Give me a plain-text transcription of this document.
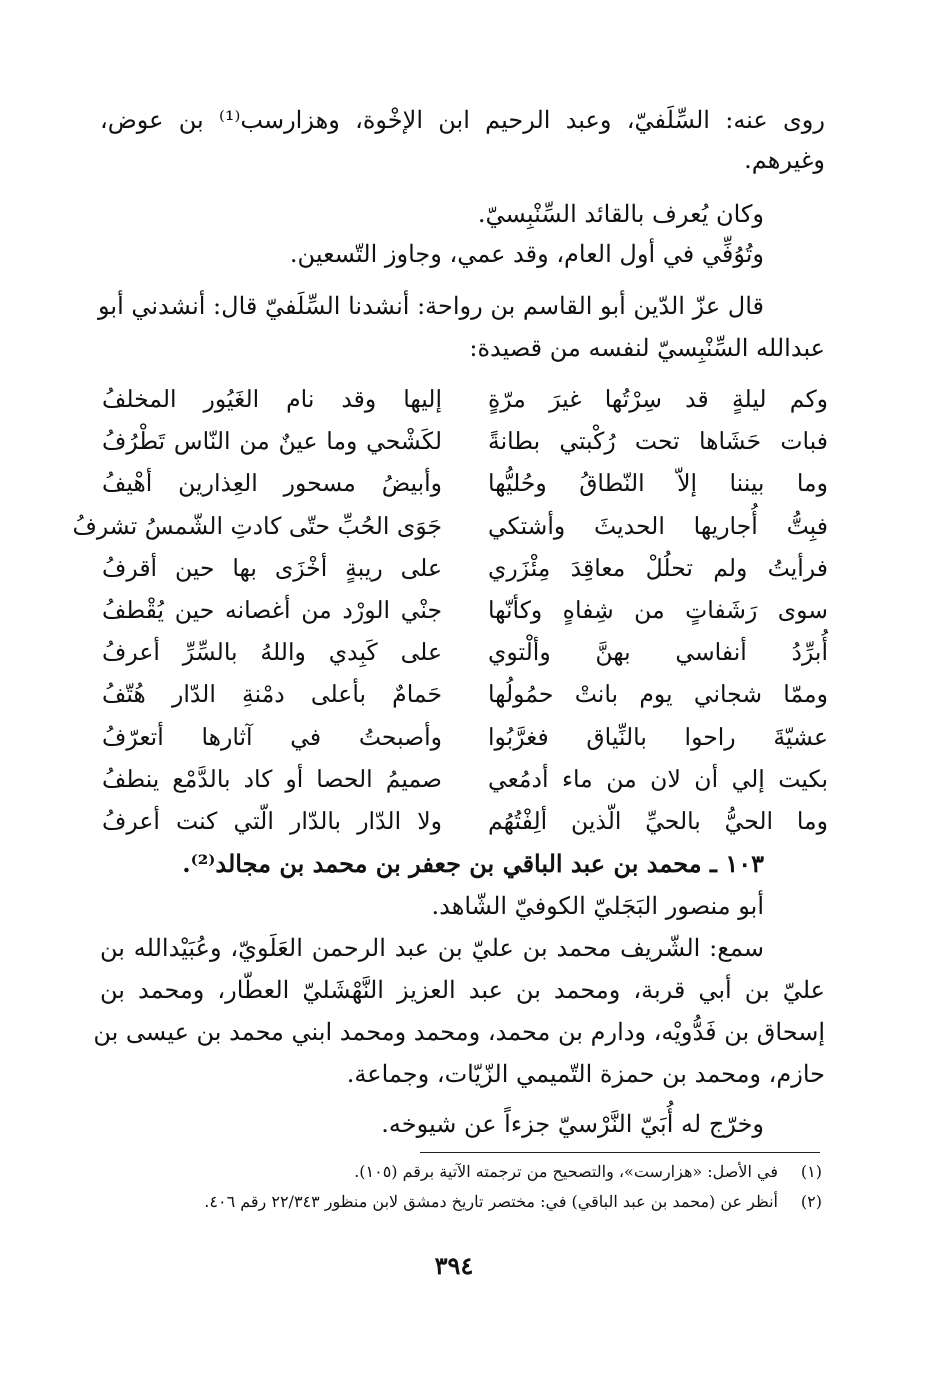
روى عنه: السِّلَفيّ، وعبد الرحيم ابن الإخْوة، وهزارسب⁽¹⁾ بن عوض،
وغيرهم.
وكان يُعرف بالقائد السِّنْبِسيّ.
وتُوُفِّي في أول العام، وقد عمي، وجاوز التّسعين.
قال عزّ الدّين أبو القاسم بن رواحة: أنشدنا السِّلَفيّ قال: أنشدني أبو
عبدالله السِّنْبِسيّ لنفسه من قصيدة:
وكم ليلةٍ قد سِرْتُها غيرَ مرّةٍ
فبات حَشَاها تحت رُكْبتي بطانةً
وما بيننا إلاّ النّطاقُ وحُليُّها
فبِتُّ أُجاريها الحديثَ وأشتكي
فرأيتُ ولم تحلُلْ معاقِدَ مِئْزَري
سوى رَشَفاتٍ من شِفاهٍ وكأنّها
أُبرِّدُ أنفاسي بهنَّ وألْتوي
وممّا شجاني يوم بانتْ حمُولُها
عشيّةَ راحوا بالنِّياق فغرَّبُوا
بكيت إلي أن لان من ماء أدمُعي
وما الحيُّ بالحيِّ الّذين ألِفْتُهُم
إليها وقد نام الغَيُور المخلفُ
لكَشْحي وما عينٌ من النّاس تَطْرُفُ
وأبيضُ مسحور العِذارين أهْيفُ
جَوَى الحُبِّ حتّى كادتِ الشّمسُ تشرفُ
على ريبةٍ أخْزَى بها حين أقرفُ
جنْي الورْد من أغصانه حين يُقْطفُ
على كَبِدي واللهُ بالسِّرِّ أعرفُ
حَمامٌ بأعلى دمْنةِ الدّار هُتّفُ
وأصبحتُ في آثارها أتعرّفُ
صميمُ الحصا أو كاد بالدَّمْع ينطفُ
ولا الدّار بالدّار الّتي كنت أعرفُ
١٠٣ ـ محمد بن عبد الباقي بن جعفر بن محمد بن مجالد⁽²⁾.
أبو منصور البَجَليّ الكوفيّ الشّاهد.
سمع: الشّريف محمد بن عليّ بن عبد الرحمن العَلَويّ، وعُبَيْدالله بن
عليّ بن أبي قربة، ومحمد بن عبد العزيز النَّهْشَليّ العطّار، ومحمد بن
إسحاق بن فَدُّويْه، ودارم بن محمد، ومحمد ومحمد ابني محمد بن عيسى بن
حازم، ومحمد بن حمزة التّميمي الزّيّات، وجماعة.
وخرّج له أُبَيّ النَّرْسيّ جزءاً عن شيوخه.
(١)في الأصل: «هزارست»، والتصحيح من ترجمته الآتية برقم (١٠٥).
(٢)أنظر عن (محمد بن عبد الباقي) في: مختصر تاريخ دمشق لابن منظور ٢٢/٣٤٣ رقم ٤٠٦.
٣٩٤
